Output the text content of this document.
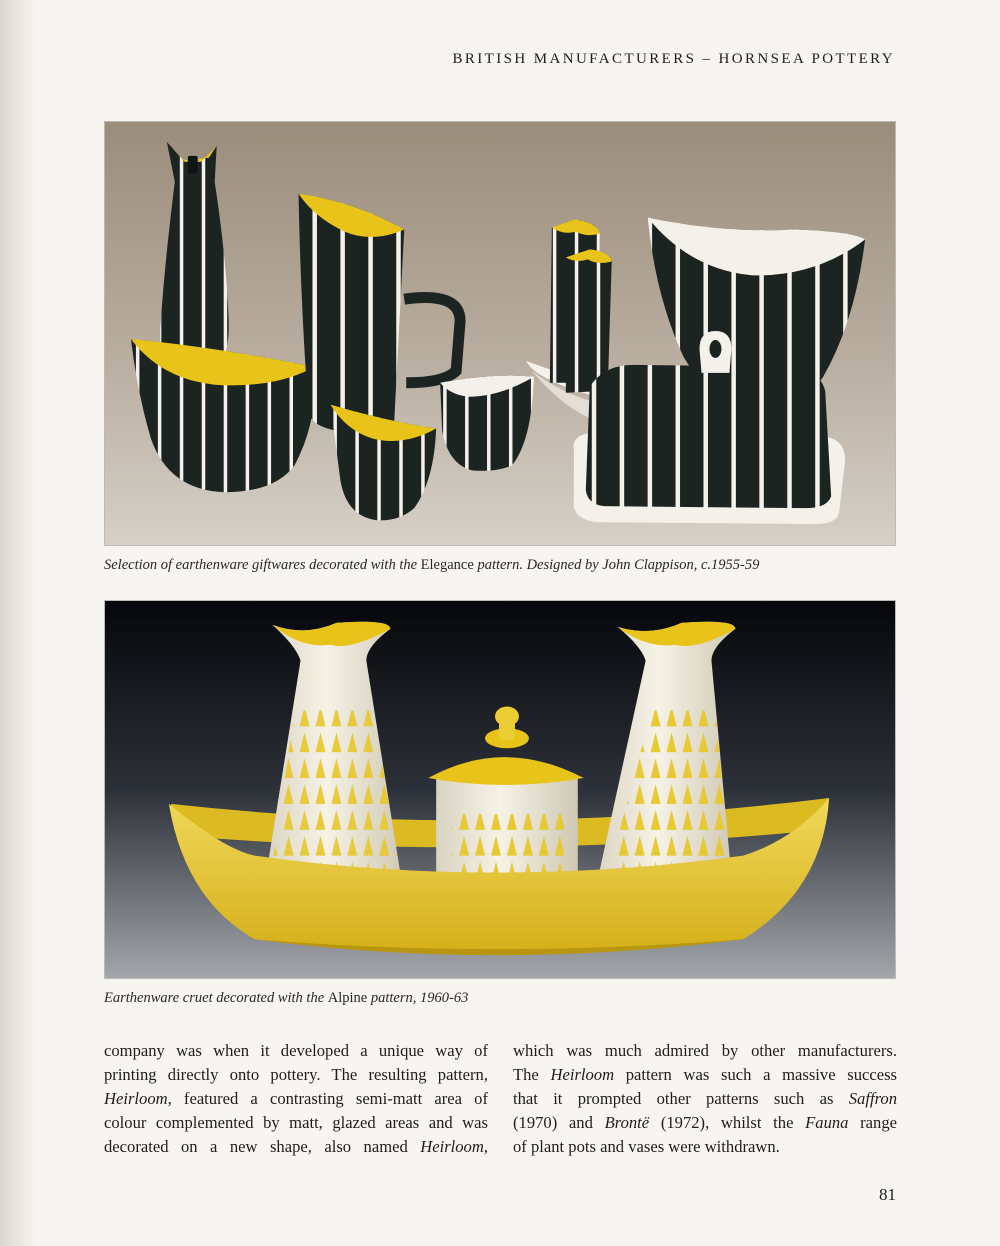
BRITISH MANUFACTURERS – HORNSEA POTTERY
Selection of earthenware giftwares decorated with the Elegance pattern. Designed by John Clappison, c.1955-59
Earthenware cruet decorated with the Alpine pattern, 1960-63
company was when it developed a unique way of
printing directly onto pottery. The resulting pattern,
Heirloom, featured a contrasting semi-matt area of
colour complemented by matt, glazed areas and was
decorated on a new shape, also named Heirloom,
which was much admired by other manufacturers.
The Heirloom pattern was such a massive success
that it prompted other patterns such as Saffron
(1970) and Brontë (1972), whilst the Fauna range
of plant pots and vases were withdrawn.
81
